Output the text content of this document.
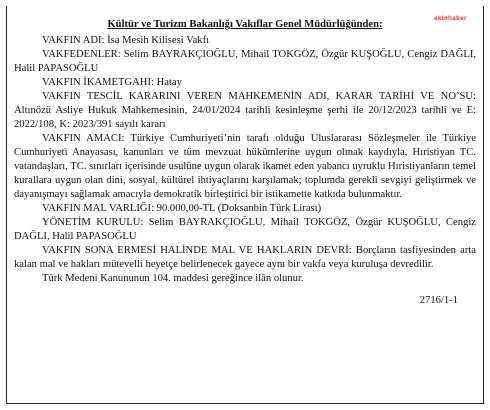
ekinhaber
Kültür ve Turizm Bakanlığı Vakıflar Genel Müdürlüğünden:

VAKFIN ADI: İsa Mesih Kilisesi Vakfı

VAKFEDENLER: Selim BAYRAKÇIOĞLU, Mihail TOKGÖZ, Özgür KUŞOĞLU, Cengiz DAĞLI, Halil PAPASOĞLU

VAKFIN İKAMETGAHI: Hatay

VAKFIN TESCİL KARARINI VEREN MAHKEMENİN ADI, KARAR TARİHİ VE NO’SU: Altınözü Asliye Hukuk Mahkemesinin, 24/01/2024 tarihli kesinleşme şerhi ile 20/12/2023 tarihli ve E: 2022/108, K: 2023/391 sayılı kararı

VAKFIN AMACI: Türkiye Cumhuriyeti’nin tarafı olduğu Uluslararası Sözleşmeler ile Türkiye Cumhuriyeti Anayasası, kanunları ve tüm mevzuat hükümlerine uygun olmak kaydıyla, Hıristiyan TC. vatandaşları, TC. sınırları içerisinde usulüne uygun olarak ikamet eden yabancı uyruklu Hıristiyanların temel kurallara uygun olan dini, sosyal, kültürel ihtiyaçlarını karşılamak; toplumda gerekli sevgiyi geliştirmek ve dayanışmayı sağlamak amacıyla demokratik birleştirici bir istikamette katkıda bulunmaktır.

VAKFIN MAL VARLIĞI: 90.000,00-TL (Doksanbin Türk Lirası)

YÖNETİM KURULU: Selim BAYRAKÇIOĞLU, Mihail TOKGÖZ, Özgür KUŞOĞLU, Cengiz DAĞLI, Halil PAPASOĞLU

VAKFIN SONA ERMESİ HALİNDE MAL VE HAKLARIN DEVRİ: Borçların tasfiyesinden arta kalan mal ve hakları mütevelli heyetçe belirlenecek gayece aynı bir vakfa veya kuruluşa devredilir.

Türk Medeni Kanununun 104. maddesi gereğince ilân olunur.

2716/1-1
